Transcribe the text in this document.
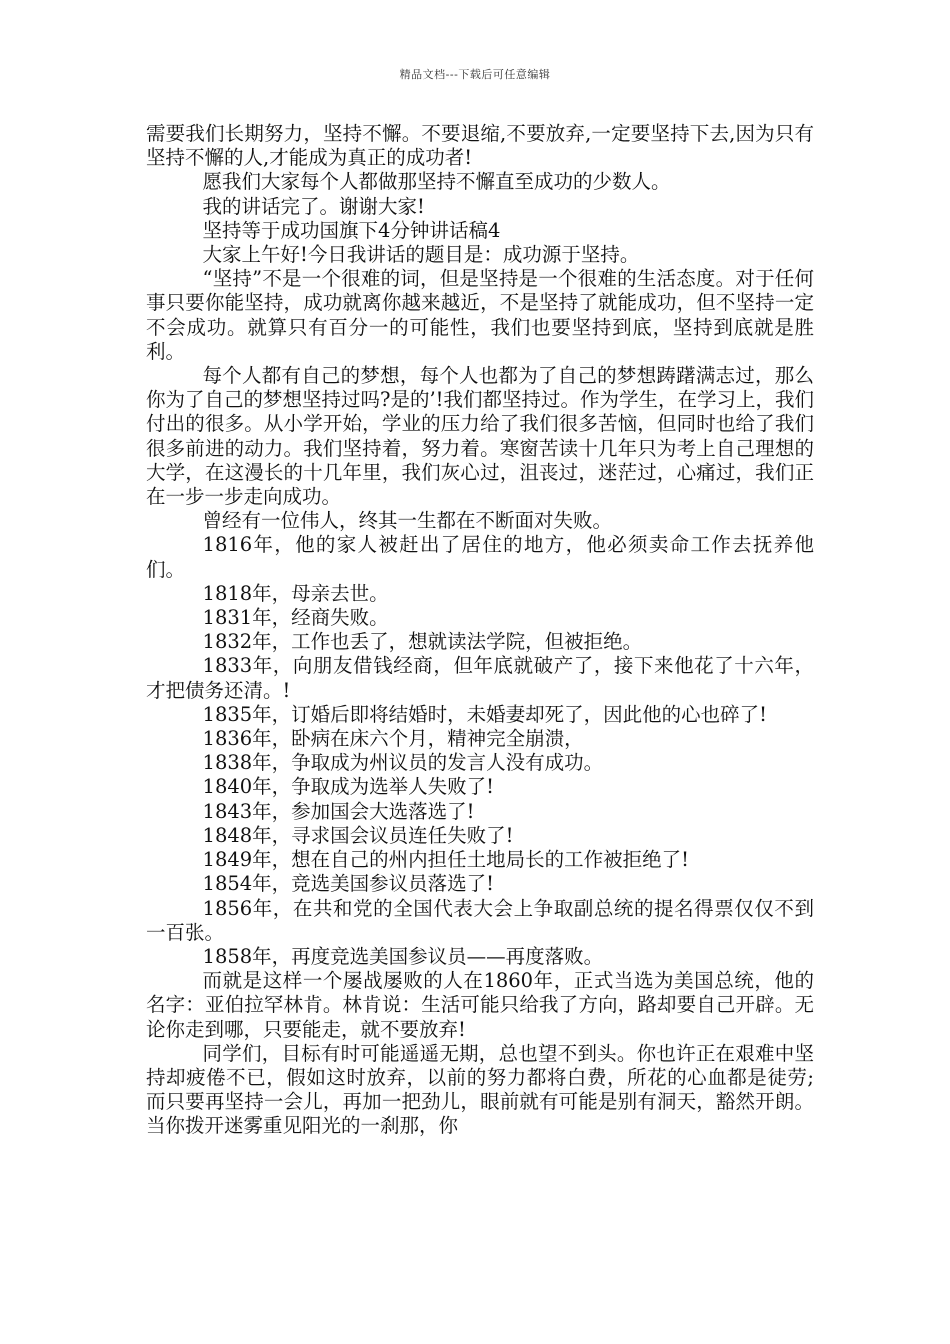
精品文档---下载后可任意编辑

需要我们长期努力，坚持不懈。不要退缩,不要放弃,一定要坚持下去,因为只有坚持不懈的人,才能成为真正的成功者!

愿我们大家每个人都做那坚持不懈直至成功的少数人。

我的讲话完了。谢谢大家!

坚持等于成功国旗下4分钟讲话稿4

大家上午好!今日我讲话的题目是：成功源于坚持。

“坚持”不是一个很难的词，但是坚持是一个很难的生活态度。对于任何事只要你能坚持，成功就离你越来越近，不是坚持了就能成功，但不坚持一定不会成功。就算只有百分一的可能性，我们也要坚持到底，坚持到底就是胜利。

每个人都有自己的梦想，每个人也都为了自己的梦想踌躇满志过，那么你为了自己的梦想坚持过吗?是的’!我们都坚持过。作为学生，在学习上，我们付出的很多。从小学开始，学业的压力给了我们很多苦恼，但同时也给了我们很多前进的动力。我们坚持着，努力着。寒窗苦读十几年只为考上自己理想的大学，在这漫长的十几年里，我们灰心过，沮丧过，迷茫过，心痛过，我们正在一步一步走向成功。

曾经有一位伟人，终其一生都在不断面对失败。

1816年，他的家人被赶出了居住的地方，他必须卖命工作去抚养他们。

1818年，母亲去世。

1831年，经商失败。

1832年，工作也丢了，想就读法学院，但被拒绝。

1833年，向朋友借钱经商，但年底就破产了，接下来他花了十六年，才把债务还清。!

1835年，订婚后即将结婚时，未婚妻却死了，因此他的心也碎了!

1836年，卧病在床六个月，精神完全崩溃，

1838年，争取成为州议员的发言人没有成功。

1840年，争取成为选举人失败了!

1843年，参加国会大选落选了!

1848年，寻求国会议员连任失败了!

1849年，想在自己的州内担任土地局长的工作被拒绝了!

1854年，竞选美国参议员落选了!

1856年，在共和党的全国代表大会上争取副总统的提名得票仅仅不到一百张。

1858年，再度竞选美国参议员——再度落败。

而就是这样一个屡战屡败的人在1860年，正式当选为美国总统，他的名字：亚伯拉罕林肯。林肯说：生活可能只给我了方向，路却要自己开辟。无论你走到哪，只要能走，就不要放弃!

同学们，目标有时可能遥遥无期，总也望不到头。你也许正在艰难中坚持却疲倦不已，假如这时放弃，以前的努力都将白费，所花的心血都是徒劳;而只要再坚持一会儿，再加一把劲儿，眼前就有可能是别有洞天，豁然开朗。当你拨开迷雾重见阳光的一刹那，你
